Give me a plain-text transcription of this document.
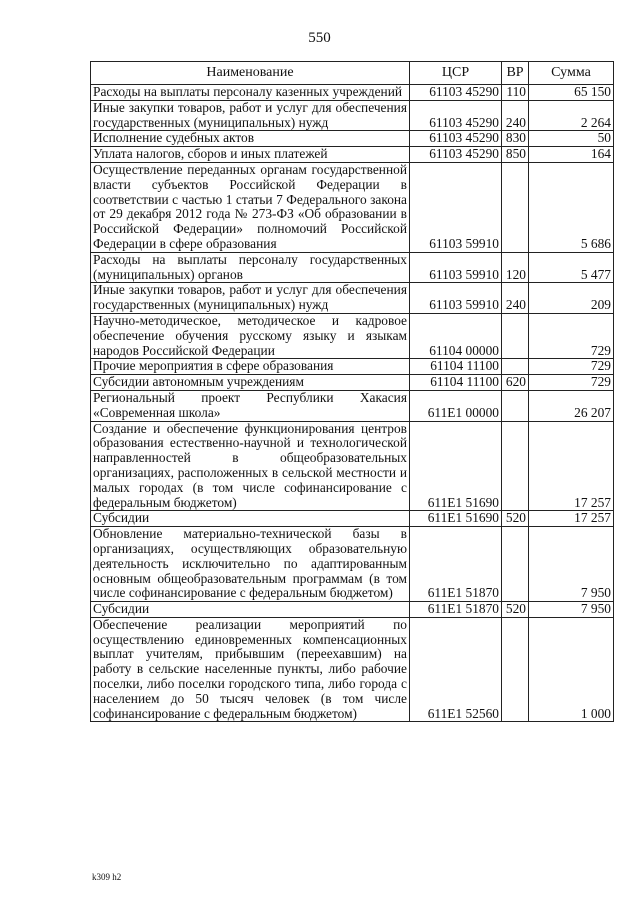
550
Наименование	ЦСР	ВР	Сумма
Расходы на выплаты персоналу казенных учреждений	61103 45290	110	65 150
Иные закупки товаров, работ и услуг для обеспечения государственных (муниципальных) нужд	61103 45290	240	2 264
Исполнение судебных актов	61103 45290	830	50
Уплата налогов, сборов и иных платежей	61103 45290	850	164
Осуществление переданных органам государственной власти субъектов Российской Федерации в соответствии с частью 1 статьи 7 Федерального закона от 29 декабря 2012 года № 273-ФЗ «Об образовании в Российской Федерации» полномочий Российской Федерации в сфере образования	61103 59910		5 686
Расходы на выплаты персоналу государственных (муниципальных) органов	61103 59910	120	5 477
Иные закупки товаров, работ и услуг для обеспечения государственных (муниципальных) нужд	61103 59910	240	209
Научно-методическое, методическое и кадровое обеспечение обучения русскому языку и языкам народов Российской Федерации	61104 00000		729
Прочие мероприятия в сфере образования	61104 11100		729
Субсидии автономным учреждениям	61104 11100	620	729
Региональный проект Республики Хакасия «Современная школа»	611E1 00000		26 207
Создание и обеспечение функционирования центров образования естественно-научной и технологической направленностей в общеобразовательных организациях, расположенных в сельской местности и малых городах (в том числе софинансирование с федеральным бюджетом)	611E1 51690		17 257
Субсидии	611E1 51690	520	17 257
Обновление материально-технической базы в организациях, осуществляющих образовательную деятельность исключительно по адаптированным основным общеобразовательным программам (в том числе софинансирование с федеральным бюджетом)	611E1 51870		7 950
Субсидии	611E1 51870	520	7 950
Обеспечение реализации мероприятий по осуществлению единовременных компенсационных выплат учителям, прибывшим (переехавшим) на работу в сельские населенные пункты, либо рабочие поселки, либо поселки городского типа, либо города с населением до 50 тысяч человек (в том числе софинансирование с федеральным бюджетом)	611E1 52560		1 000
k309 h2
